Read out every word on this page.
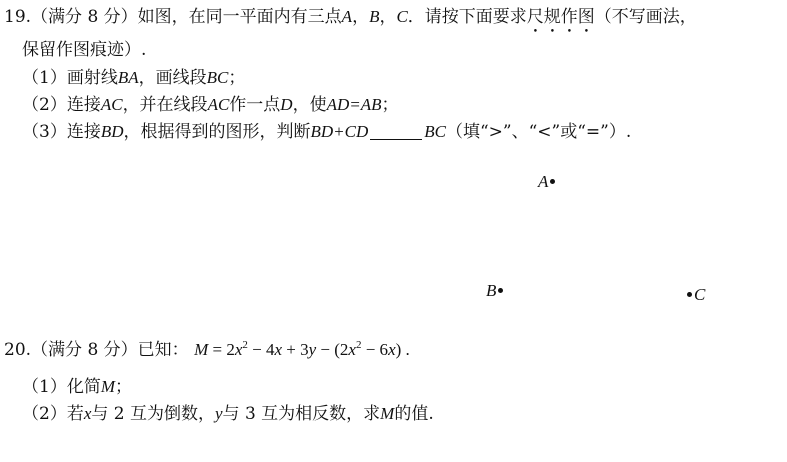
19.（满分 8 分）如图，在同一平面内有三点A，B，C．请按下面要求尺规作图（不写画法，
保留作图痕迹）.
（1）画射线BA，画线段BC；
（2）连接AC，并在线段AC作一点D，使AD=AB；
（3）连接BD，根据得到的图形，判断BD+CD	BC（填“>”、“<”或“=”）.
A
B	C
20.（满分 8 分）已知： $M = 2x^2 - 4x + 3y - (2x^2 - 6x)$ .
（1）化简M；
（2）若x与 2 互为倒数，y与 3 互为相反数，求M的值.
